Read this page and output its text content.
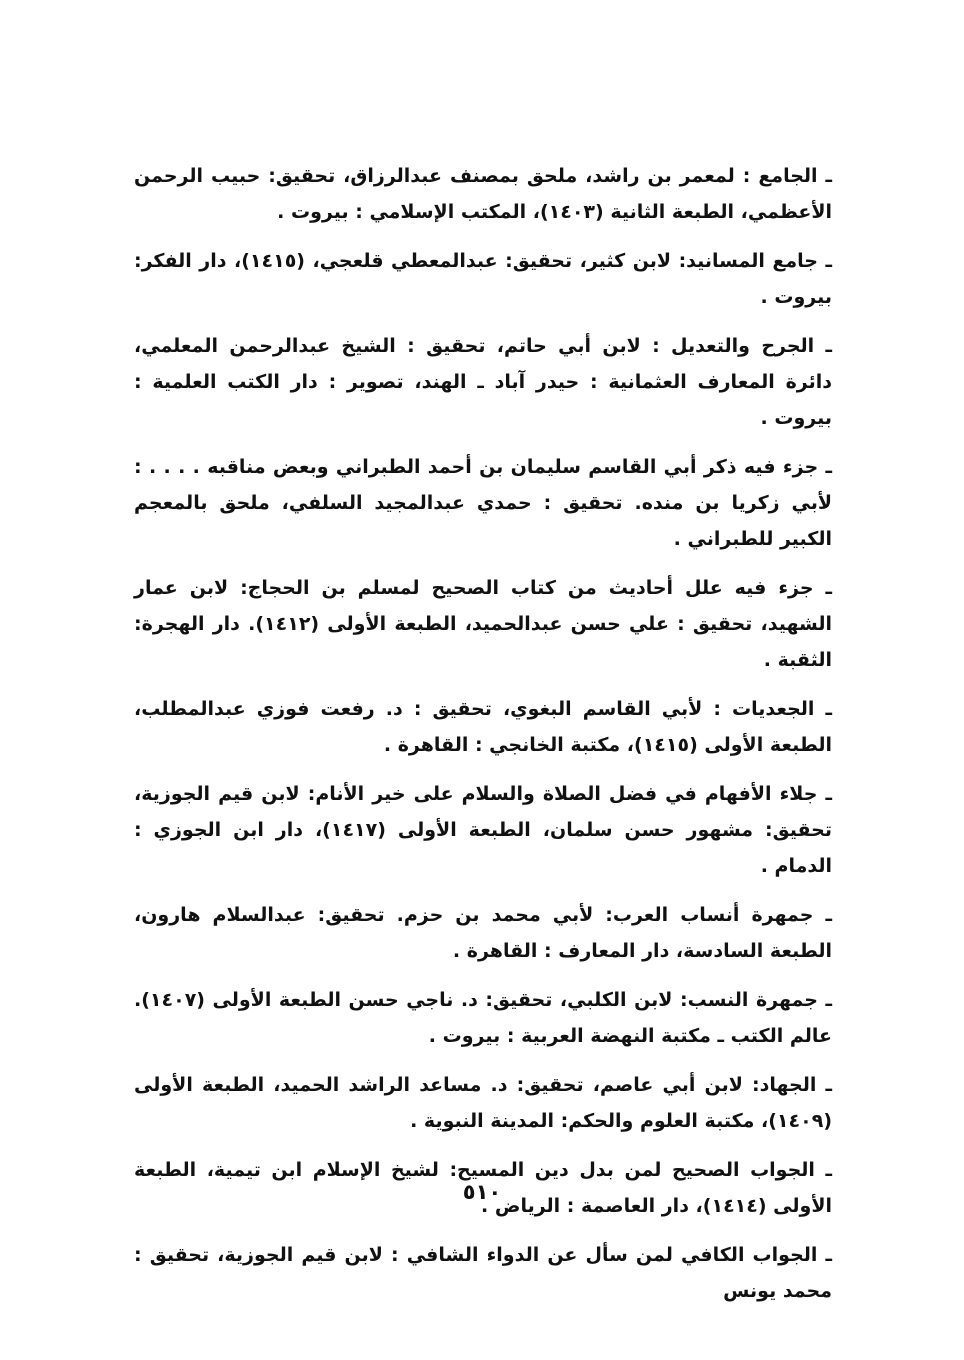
ـ الجامع : لمعمر بن راشد، ملحق بمصنف عبدالرزاق، تحقيق: حبيب الرحمن الأعظمي، الطبعة الثانية (١٤٠٣)، المكتب الإسلامي : بيروت .

ـ جامع المسانيد: لابن كثير، تحقيق: عبدالمعطي قلعجي، (١٤١٥)، دار الفكر: بيروت .

ـ الجرح والتعديل : لابن أبي حاتم، تحقيق : الشيخ عبدالرحمن المعلمي، دائرة المعارف العثمانية : حيدر آباد ـ الهند، تصوير : دار الكتب العلمية : بيروت .

ـ جزء فيه ذكر أبي القاسم سليمان بن أحمد الطبراني وبعض مناقبه . . . . : لأبي زكريا بن منده. تحقيق : حمدي عبدالمجيد السلفي، ملحق بالمعجم الكبير للطبراني .

ـ جزء فيه علل أحاديث من كتاب الصحيح لمسلم بن الحجاج: لابن عمار الشهيد، تحقيق : علي حسن عبدالحميد، الطبعة الأولى (١٤١٢). دار الهجرة: الثقبة .

ـ الجعديات : لأبي القاسم البغوي، تحقيق : د. رفعت فوزي عبدالمطلب، الطبعة الأولى (١٤١٥)، مكتبة الخانجي : القاهرة .

ـ جلاء الأفهام في فضل الصلاة والسلام على خير الأنام: لابن قيم الجوزية، تحقيق: مشهور حسن سلمان، الطبعة الأولى (١٤١٧)، دار ابن الجوزي : الدمام .

ـ جمهرة أنساب العرب: لأبي محمد بن حزم. تحقيق: عبدالسلام هارون، الطبعة السادسة، دار المعارف : القاهرة .

ـ جمهرة النسب: لابن الكلبي، تحقيق: د. ناجي حسن الطبعة الأولى (١٤٠٧). عالم الكتب ـ مكتبة النهضة العربية : بيروت .

ـ الجهاد: لابن أبي عاصم، تحقيق: د. مساعد الراشد الحميد، الطبعة الأولى (١٤٠٩)، مكتبة العلوم والحكم: المدينة النبوية .

ـ الجواب الصحيح لمن بدل دين المسيح: لشيخ الإسلام ابن تيمية، الطبعة الأولى (١٤١٤)، دار العاصمة : الرياض .

ـ الجواب الكافي لمن سأل عن الدواء الشافي : لابن قيم الجوزية، تحقيق : محمد يونس

٥١٠
